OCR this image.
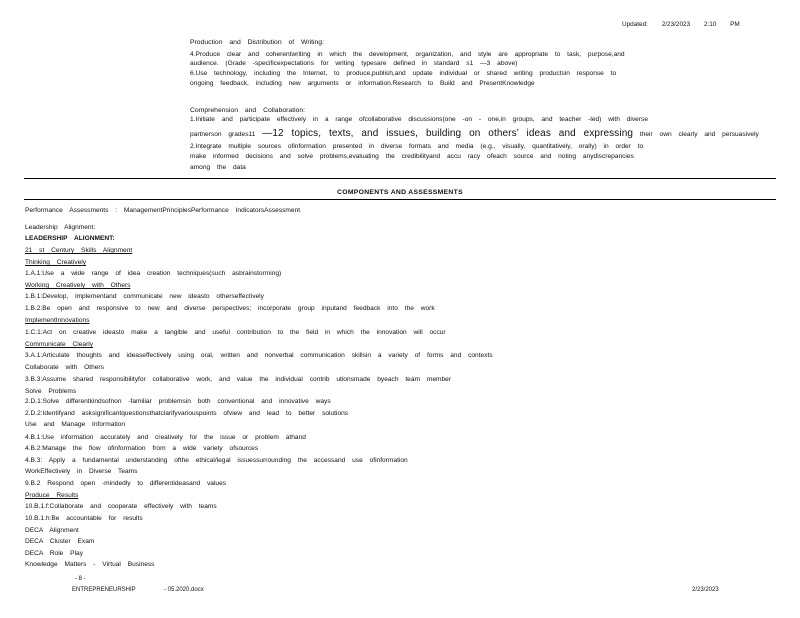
Updated: 2/23/2023 2:10 PM
Production and Distribution of Writing:
4.Produce clear and coherentwriting in which the development, organization, and style are appropriate to task, purpose,and
audience. (Grade -specificexpectations for writing typesare defined in standard s1 —3 above)
6.Use technology, including the Internet, to produce,publish,and update individual or shared writing productsin response to
ongoing feedback, including new arguments or information.Research to Build and PresentKnowledge
Comprehension and Collaboration:
1.Initiate and participate effectively in a range ofcollaborative discussions(one -on - one,in groups, and teacher -led) with diverse
partnerson grades11 —12 topics, texts, and issues, building on others’ ideas and expressing their own clearly and persuasively
2.Integrate multiple sources ofinformation presented in diverse formats and media (e.g., visually, quantitatively, orally) in order to
make informed decisions and solve problems,evaluating the credibilityand accu racy ofeach source and noting anydiscrepancies
among the data
COMPONENTS AND ASSESSMENTS
Performance Assessments : ManagementPrinciplesPerformance IndicatorsAssessment
Leadership Alignment:
LEADERSHIP ALIGNMENT:
21 st Century Skills Alignment
Thinking Creatively
1.A.1:Use a wide range of idea creation techniques(such asbrainstorming)
Working Creatively with Others
1.B.1:Develop, implementand communicate new ideasto otherseffectively
1.B.2:Be open and responsive to new and diverse perspectives; incorporate group inputand feedback into the work
ImplementInnovations
1.C.1:Act on creative ideasto make a tangible and useful contribution to the field in which the innovation will occur
Communicate Clearly
3.A.1:Articulate thoughts and ideaseffectively using oral, written and nonverbal communication skillsin a variety of forms and contexts
Collaborate with Others
3.B.3:Assume shared responsibilityfor collaborative work, and value the individual contrib utionsmade byeach team member
Solve Problems
2.D.1:Solve differentkindsofnon -familiar problemsin both conventional and innovative ways
2.D.2:Identifyand asksignificantquestionsthatclarifyvariouspoints ofview and lead to better solutions
Use and Manage Information
4.B.1:Use information accurately and creatively for the issue or problem athand
4.B.2:Manage the flow ofinformation from a wide variety ofsources
4.B.3: Apply a fundamental understanding ofthe ethical/legal issuessurrounding the accessand use ofinformation
WorkEffectively in Diverse Teams
9.B.2 Respond open -mindedly to differentideasand values
Produce Results
10.B.1.f:Collaborate and cooperate effectively with teams
10.B.1.h:Be accountable for results
DECA Alignment
DECA Cluster Exam
DECA Role Play
Knowledge Matters - Virtual Business
- 8 -
ENTREPRENEURSHIP	- 05.2020.docx	2/23/2023
